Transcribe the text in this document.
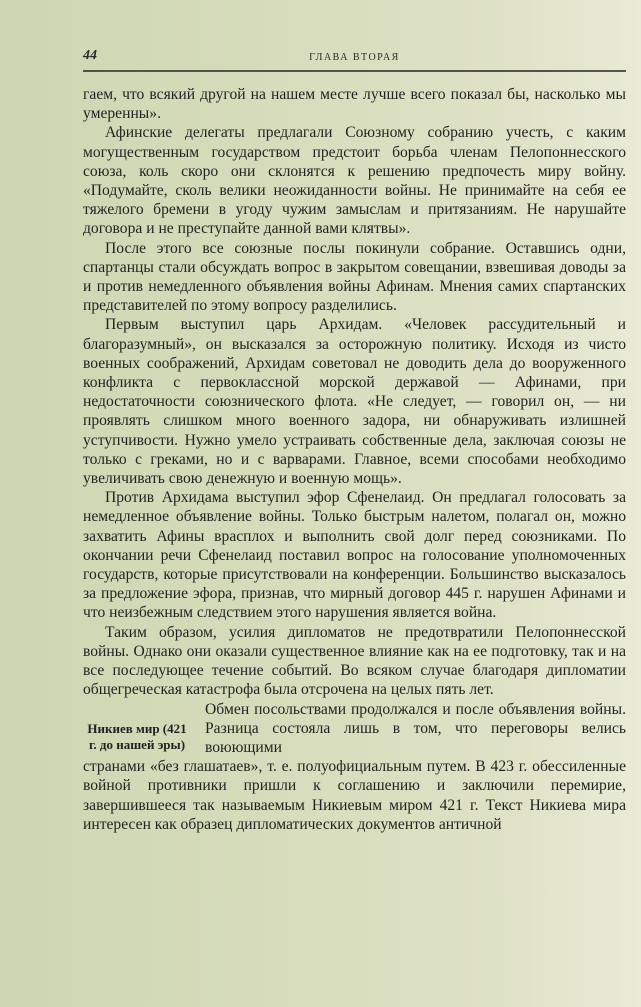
44	ГЛАВА ВТОРАЯ

гаем, что всякий другой на нашем месте лучше всего показал бы, насколько мы умеренны».

Афинские делегаты предлагали Союзному собранию учесть, с каким могущественным государством предстоит борьба членам Пелопоннесского союза, коль скоро они склонятся к решению предпочесть миру войну. «Подумайте, сколь велики неожиданности войны. Не принимайте на себя ее тяжелого бремени в угоду чужим замыслам и притязаниям. Не нарушайте договора и не преступайте данной вами клятвы».

После этого все союзные послы покинули собрание. Оставшись одни, спартанцы стали обсуждать вопрос в закрытом совещании, взвешивая доводы за и против немедленного объявления войны Афинам. Мнения самих спартанских представителей по этому вопросу разделились.

Первым выступил царь Архидам. «Человек рассудительный и благоразумный», он высказался за осторожную политику. Исходя из чисто военных соображений, Архидам советовал не доводить дела до вооруженного конфликта с первоклассной морской державой — Афинами, при недостаточности союзнического флота. «Не следует, — говорил он, — ни проявлять слишком много военного задора, ни обнаруживать излишней уступчивости. Нужно умело устраивать собственные дела, заключая союзы не только с греками, но и с варварами. Главное, всеми способами необходимо увеличивать свою денежную и военную мощь».

Против Архидама выступил эфор Сфенелаид. Он предлагал голосовать за немедленное объявление войны. Только быстрым налетом, полагал он, можно захватить Афины врасплох и выполнить свой долг перед союзниками. По окончании речи Сфенелаид поставил вопрос на голосование уполномоченных государств, которые присутствовали на конференции. Большинство высказалось за предложение эфора, признав, что мирный договор 445 г. нарушен Афинами и что неизбежным следствием этого нарушения является война.

Таким образом, усилия дипломатов не предотвратили Пелопоннесской войны. Однако они оказали существенное влияние как на ее подготовку, так и на все последующее течение событий. Во всяком случае благодаря дипломатии общегреческая катастрофа была отсрочена на целых пять лет.

Никиев мир (421 г. до нашей эры)

Обмен посольствами продолжался и после объявления войны. Разница состояла лишь в том, что переговоры велись воюющими

странами «без глашатаев», т. е. полуофициальным путем. В 423 г. обессиленные войной противники пришли к соглашению и заключили перемирие, завершившееся так называемым Никиевым миром 421 г. Текст Никиева мира интересен как образец дипломатических документов античной
